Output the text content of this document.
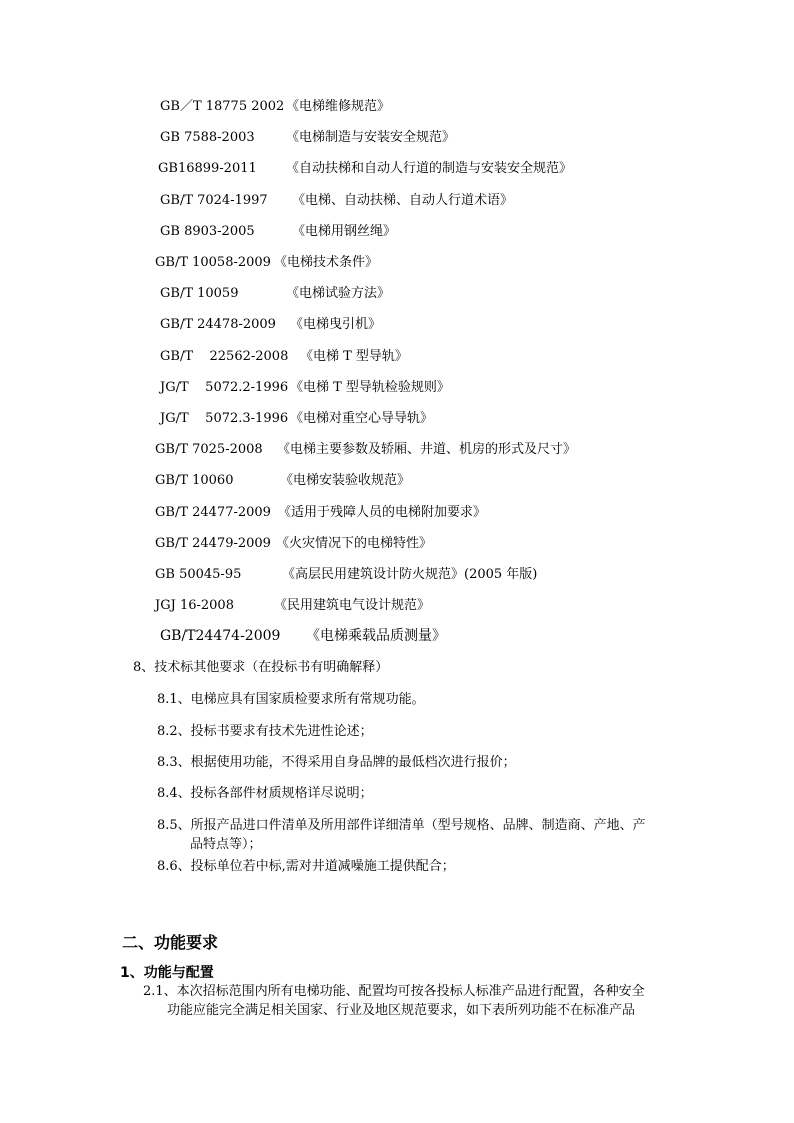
GB／T 18775 2002 《电梯维修规范》
GB 7588-2003 《电梯制造与安装安全规范》
GB16899-2011 《自动扶梯和自动人行道的制造与安装安全规范》
GB/T 7024-1997 《电梯、自动扶梯、自动人行道术语》
GB 8903-2005	《电梯用钢丝绳》
GB/T 10058-2009 《电梯技术条件》
GB/T 10059	《电梯试验方法》
GB/T 24478-2009 《电梯曳引机》
GB/T    22562-2008 《电梯 T 型导轨》
JG/T    5072.2-1996 《电梯 T 型导轨检验规则》
JG/T    5072.3-1996 《电梯对重空心导导轨》
GB/T 7025-2008 《电梯主要参数及轿厢、井道、机房的形式及尺寸》
GB/T 10060	《电梯安装验收规范》
GB/T 24477-2009 《适用于残障人员的电梯附加要求》
GB/T 24479-2009 《火灾情况下的电梯特性》
GB 50045-95	《高层民用建筑设计防火规范》(2005 年版)
JGJ 16-2008	《民用建筑电气设计规范》
GB/T24474-2009 《电梯乘载品质测量》
8、技术标其他要求（在投标书有明确解释）
8.1、电梯应具有国家质检要求所有常规功能。
8.2、投标书要求有技术先进性论述；
8.3、根据使用功能，不得采用自身品牌的最低档次进行报价；
8.4、投标各部件材质规格详尽说明；
8.5、所报产品进口件清单及所用部件详细清单（型号规格、品牌、制造商、产地、产
品特点等）；
8.6、投标单位若中标,需对井道减噪施工提供配合；
二、功能要求
1、功能与配置
2.1、本次招标范围内所有电梯功能、配置均可按各投标人标准产品进行配置，各种安全
功能应能完全满足相关国家、行业及地区规范要求，如下表所列功能不在标准产品
